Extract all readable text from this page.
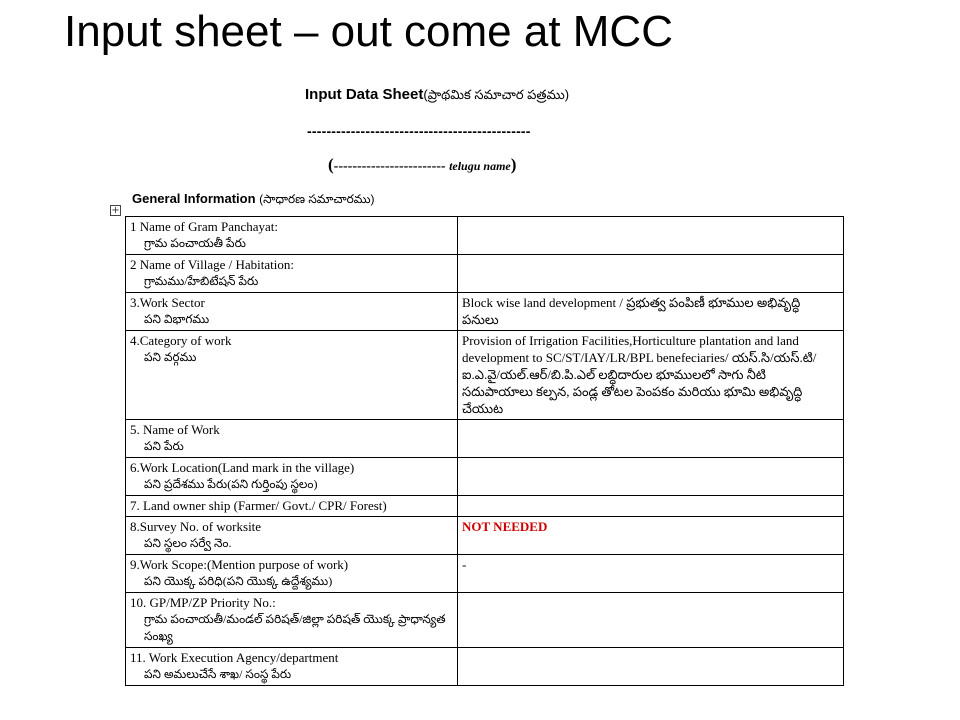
Input sheet – out come at MCC
Input Data Sheet(ప్రాథమిక సమాచార పత్రము)
----------------------------------------------
(------------------------ telugu name)
General Information (సాధారణ సమాచారము)
+
1 Name of Gram Panchayat:
గ్రామ పంచాయతీ పేరు	

2 Name of Village / Habitation:
గ్రామము/హేబిటేషన్ పేరు	

3.Work Sector
పని విభాగము	Block wise land development / ప్రభుత్వ పంపిణీ భూముల అభివృద్ధి పనులు

4.Category of work
పని వర్గము	Provision of Irrigation Facilities,Horticulture plantation and land development to SC/ST/IAY/LR/BPL benefeciaries/ యస్.సి/యస్.టి/ఐ.ఎ.వై/యల్.ఆర్/బి.పి.ఎల్ లబ్ధిదారుల భూములలో సాగు నీటి సదుపాయాలు కల్పన, పండ్ల తోటల పెంపకం మరియు భూమి అభివృద్ధి చేయుట

5. Name of Work
పని పేరు	

6.Work Location(Land mark in the village)
పని ప్రదేశము పేరు(పని గుర్తింపు స్థలం)	

7. Land owner ship (Farmer/ Govt./ CPR/ Forest)	

8.Survey No. of worksite
పని స్థలం సర్వే నెం.	NOT NEEDED

9.Work Scope:(Mention purpose of work)
పని యొక్క పరిధి(పని యొక్క ఉద్దేశ్యము)	-

10. GP/MP/ZP Priority No.:
గ్రామ పంచాయతీ/మండల్ పరిషత్/జిల్లా పరిషత్ యొక్క ప్రాధాన్యత సంఖ్య	

11. Work Execution Agency/department
పని అమలుచేసే శాఖ/ సంస్థ పేరు	
